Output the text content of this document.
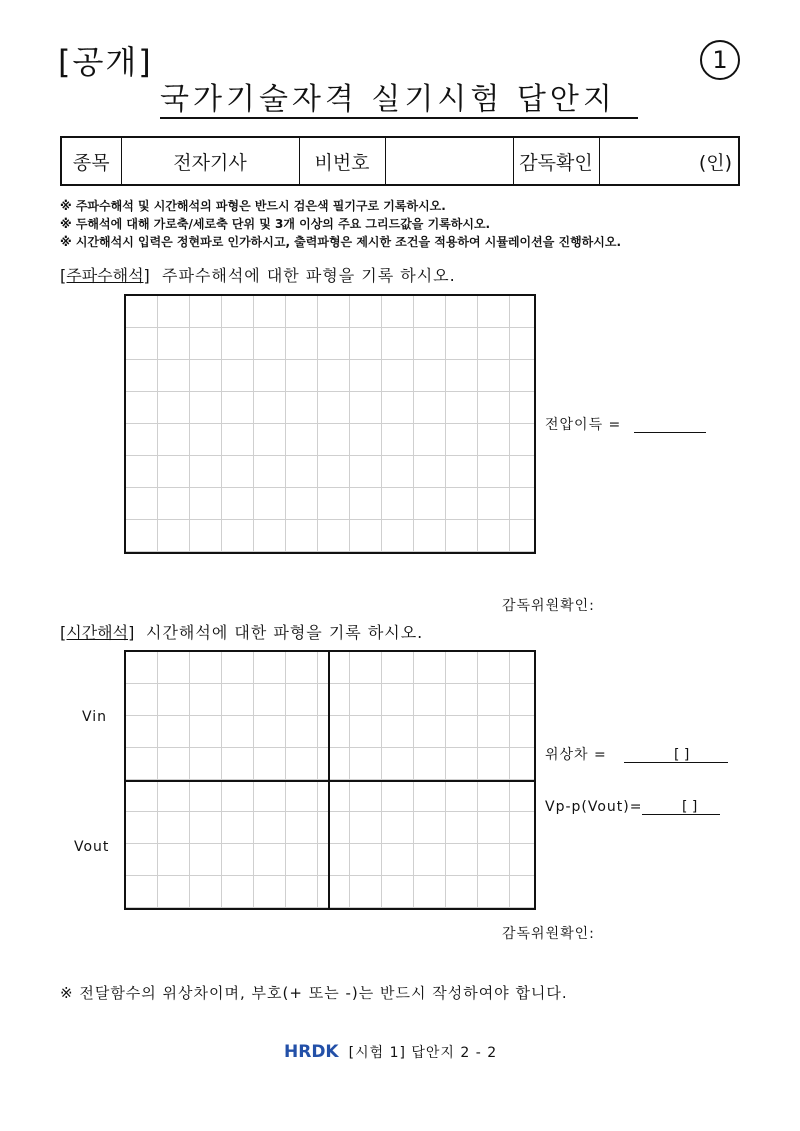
[공개]	1
국가기술자격 실기시험 답안지
종목	전자기사	비번호		감독확인	(인)
※ 주파수해석 및 시간해석의 파형은 반드시 검은색 필기구로 기록하시오.
※ 두해석에 대해 가로축/세로축 단위 및 3개 이상의 주요 그리드값을 기록하시오.
※ 시간해석시 입력은 정현파로 인가하시고, 출력파형은 제시한 조건을 적용하여 시뮬레이션을 진행하시오.
[주파수해석] 주파수해석에 대한 파형을 기록 하시오.
전압이득 =
감독위원확인:
[시간해석] 시간해석에 대한 파형을 기록 하시오.
Vin
Vout
위상차 =	[ ]
Vp-p(Vout)=	[ ]
감독위원확인:
※ 전달함수의 위상차이며, 부호(+ 또는 -)는 반드시 작성하여야 합니다.
HRDK [시험 1] 답안지 2 - 2
